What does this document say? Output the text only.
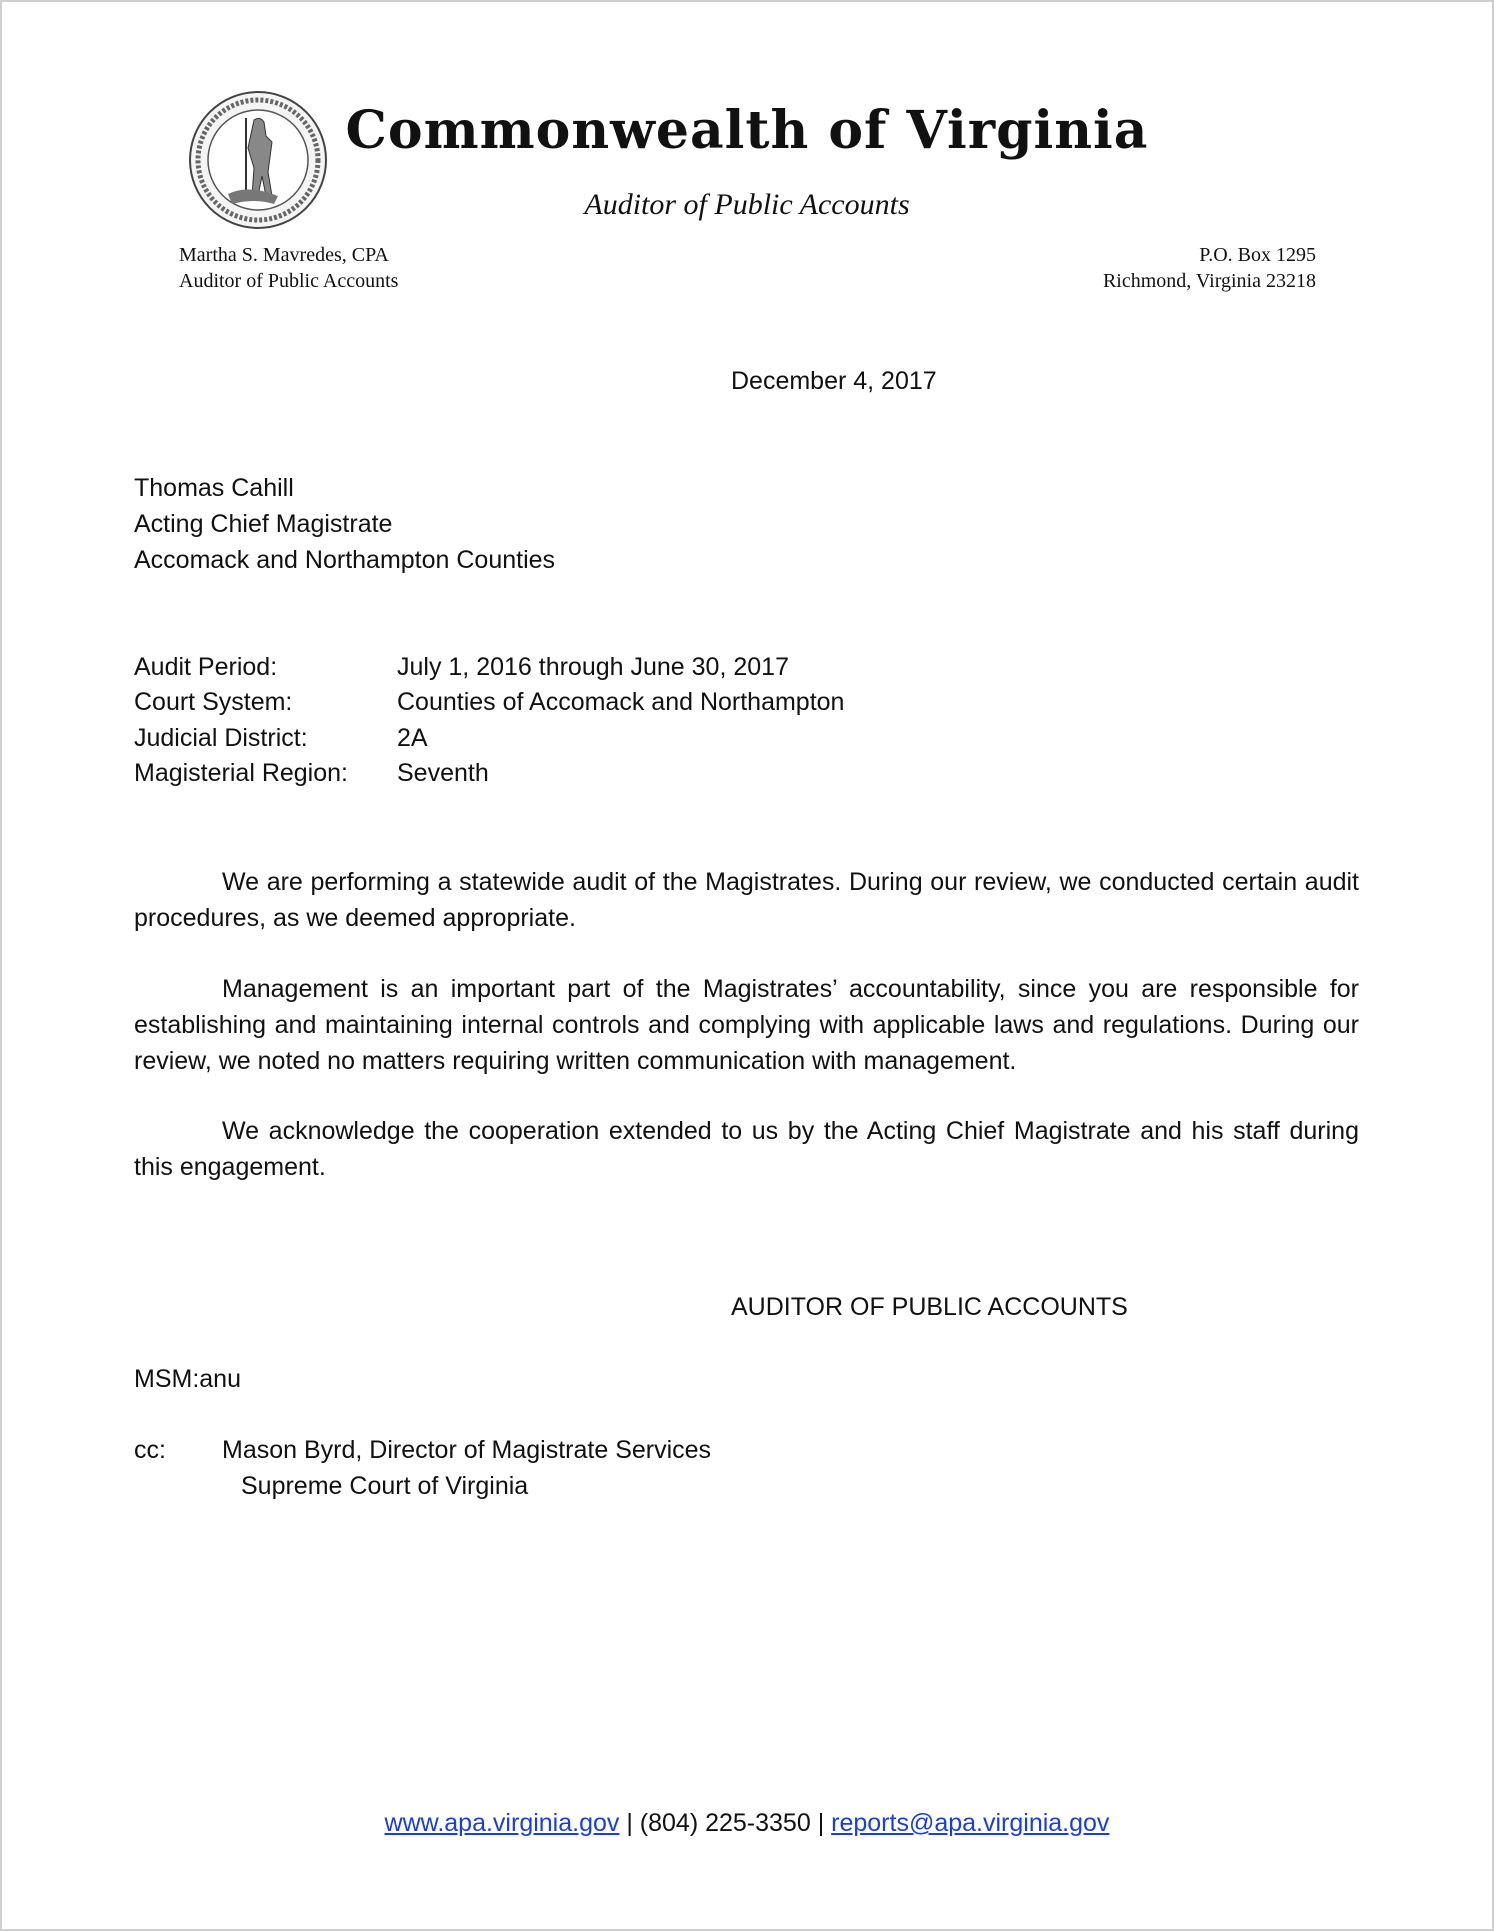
Commonwealth of Virginia
Auditor of Public Accounts
Martha S. Mavredes, CPA
Auditor of Public Accounts
P.O. Box 1295
Richmond, Virginia 23218
December 4, 2017
Thomas Cahill
Acting Chief Magistrate
Accomack and Northampton Counties
Audit Period:	July 1, 2016 through June 30, 2017
Court System:	Counties of Accomack and Northampton
Judicial District:	2A
Magisterial Region: Seventh
We are performing a statewide audit of the Magistrates. During our review, we conducted certain audit procedures, as we deemed appropriate.
Management is an important part of the Magistrates’ accountability, since you are responsible for establishing and maintaining internal controls and complying with applicable laws and regulations. During our review, we noted no matters requiring written communication with management.
We acknowledge the cooperation extended to us by the Acting Chief Magistrate and his staff during this engagement.
AUDITOR OF PUBLIC ACCOUNTS
MSM:anu
cc: Mason Byrd, Director of Magistrate Services
Supreme Court of Virginia
www.apa.virginia.gov | (804) 225-3350 | reports@apa.virginia.gov
